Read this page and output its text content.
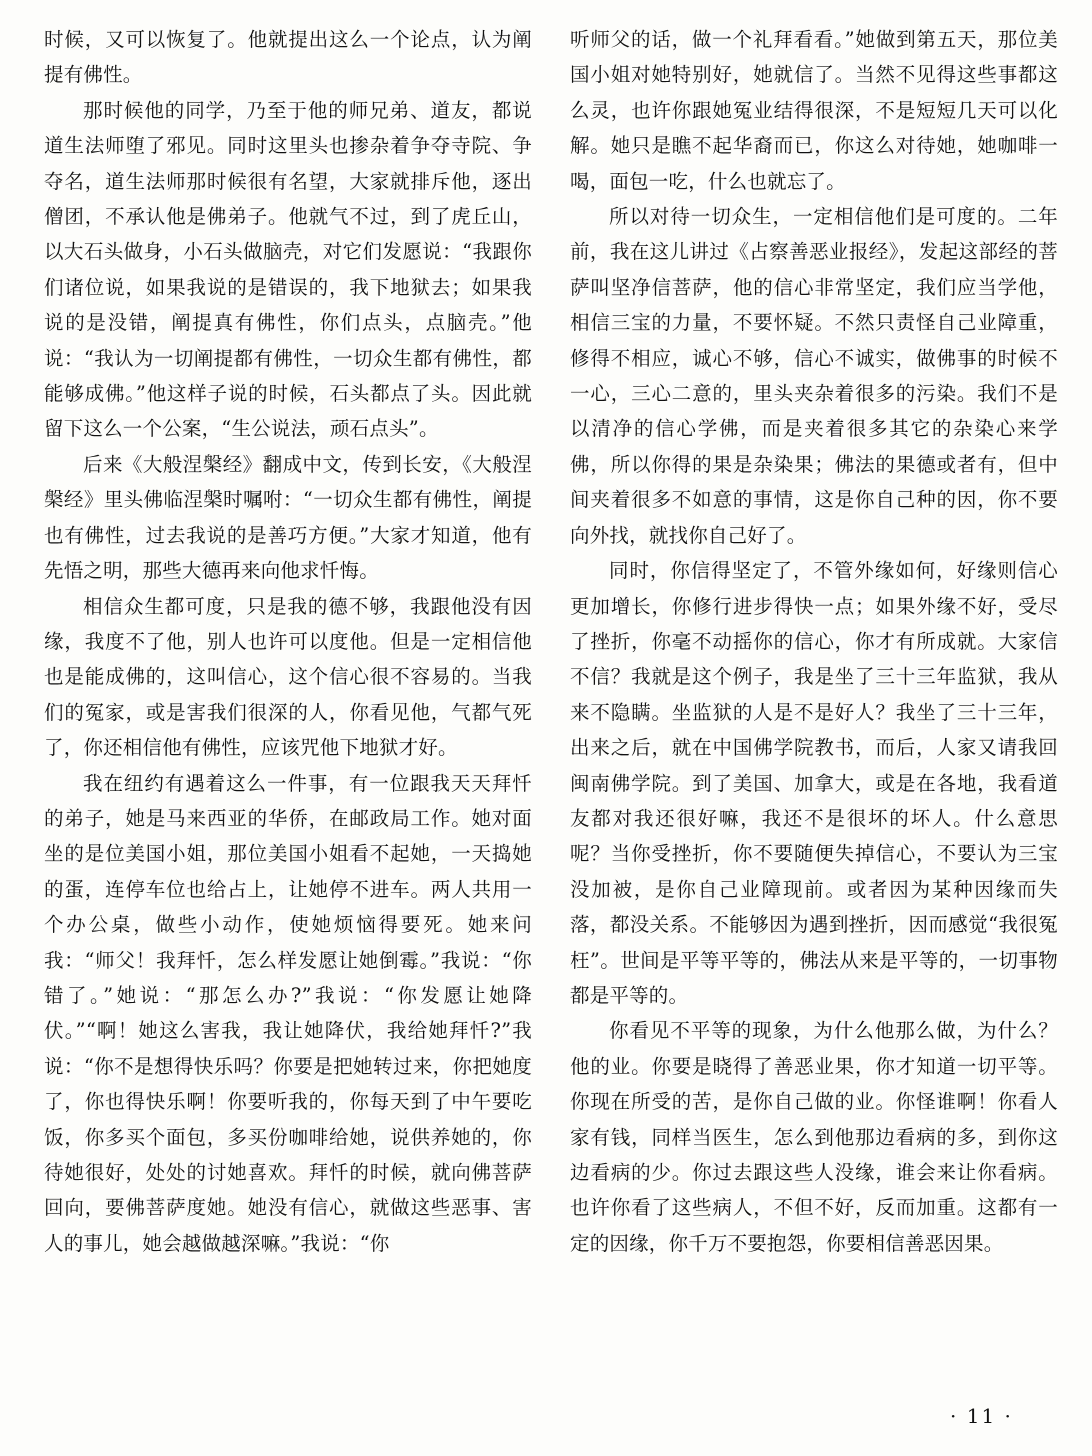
时候，又可以恢复了。他就提出这么一个论点，认为阐提有佛性。

那时候他的同学，乃至于他的师兄弟、道友，都说道生法师堕了邪见。同时这里头也掺杂着争夺寺院、争夺名，道生法师那时候很有名望，大家就排斥他，逐出僧团，不承认他是佛弟子。他就气不过，到了虎丘山，以大石头做身，小石头做脑壳，对它们发愿说：“我跟你们诸位说，如果我说的是错误的，我下地狱去；如果我说的是没错，阐提真有佛性，你们点头，点脑壳。”他说：“我认为一切阐提都有佛性，一切众生都有佛性，都能够成佛。”他这样子说的时候，石头都点了头。因此就留下这么一个公案，“生公说法，顽石点头”。

后来《大般涅槃经》翻成中文，传到长安，《大般涅槃经》里头佛临涅槃时嘱咐：“一切众生都有佛性，阐提也有佛性，过去我说的是善巧方便。”大家才知道，他有先悟之明，那些大德再来向他求忏悔。

相信众生都可度，只是我的德不够，我跟他没有因缘，我度不了他，别人也许可以度他。但是一定相信他也是能成佛的，这叫信心，这个信心很不容易的。当我们的冤家，或是害我们很深的人，你看见他，气都气死了，你还相信他有佛性，应该咒他下地狱才好。

我在纽约有遇着这么一件事，有一位跟我天天拜忏的弟子，她是马来西亚的华侨，在邮政局工作。她对面坐的是位美国小姐，那位美国小姐看不起她，一天捣她的蛋，连停车位也给占上，让她停不进车。两人共用一个办公桌，做些小动作，使她烦恼得要死。她来问我：“师父！我拜忏，怎么样发愿让她倒霉。”我说：“你错了。”她说：“那怎么办?”我说：“你发愿让她降伏。”“啊！她这么害我，我让她降伏，我给她拜忏?”我说：“你不是想得快乐吗？你要是把她转过来，你把她度了，你也得快乐啊！你要听我的，你每天到了中午要吃饭，你多买个面包，多买份咖啡给她，说供养她的，你待她很好，处处的讨她喜欢。拜忏的时候，就向佛菩萨回向，要佛菩萨度她。她没有信心，就做这些恶事、害人的事儿，她会越做越深嘛。”我说：“你

听师父的话，做一个礼拜看看。”她做到第五天，那位美国小姐对她特别好，她就信了。当然不见得这些事都这么灵，也许你跟她冤业结得很深，不是短短几天可以化解。她只是瞧不起华裔而已，你这么对待她，她咖啡一喝，面包一吃，什么也就忘了。

所以对待一切众生，一定相信他们是可度的。二年前，我在这儿讲过《占察善恶业报经》，发起这部经的菩萨叫坚净信菩萨，他的信心非常坚定，我们应当学他，相信三宝的力量，不要怀疑。不然只责怪自己业障重，修得不相应，诚心不够，信心不诚实，做佛事的时候不一心，三心二意的，里头夹杂着很多的污染。我们不是以清净的信心学佛，而是夹着很多其它的杂染心来学佛，所以你得的果是杂染果；佛法的果德或者有，但中间夹着很多不如意的事情，这是你自己种的因，你不要向外找，就找你自己好了。

同时，你信得坚定了，不管外缘如何，好缘则信心更加增长，你修行进步得快一点；如果外缘不好，受尽了挫折，你毫不动摇你的信心，你才有所成就。大家信不信？我就是这个例子，我是坐了三十三年监狱，我从来不隐瞒。坐监狱的人是不是好人？我坐了三十三年，出来之后，就在中国佛学院教书，而后，人家又请我回闽南佛学院。到了美国、加拿大，或是在各地，我看道友都对我还很好嘛，我还不是很坏的坏人。什么意思呢？当你受挫折，你不要随便失掉信心，不要认为三宝没加被，是你自己业障现前。或者因为某种因缘而失落，都没关系。不能够因为遇到挫折，因而感觉“我很冤枉”。世间是平等平等的，佛法从来是平等的，一切事物都是平等的。

你看见不平等的现象，为什么他那么做，为什么？他的业。你要是晓得了善恶业果，你才知道一切平等。你现在所受的苦，是你自己做的业。你怪谁啊！你看人家有钱，同样当医生，怎么到他那边看病的多，到你这边看病的少。你过去跟这些人没缘，谁会来让你看病。也许你看了这些病人，不但不好，反而加重。这都有一定的因缘，你千万不要抱怨，你要相信善恶因果。

· 11 ·
